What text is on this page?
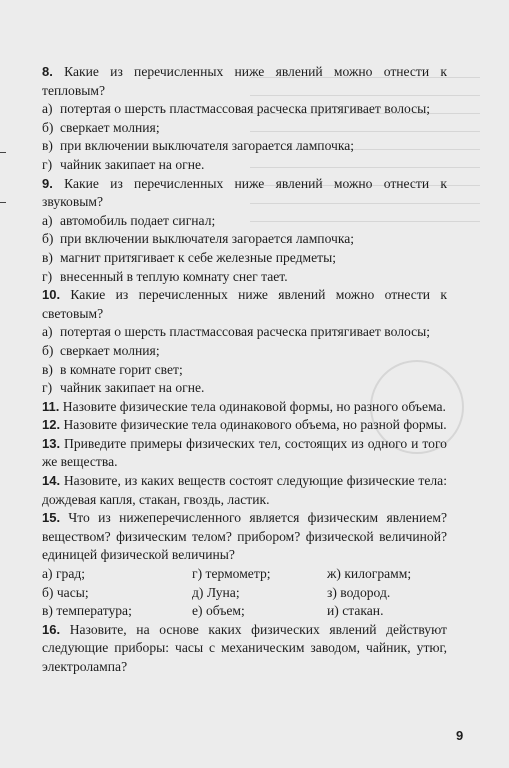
8. Какие из перечисленных ниже явлений можно отнести к тепловым?

а) потертая о шерсть пластмассовая расческа притягивает волосы;

б) сверкает молния;

в) при включении выключателя загорается лампочка;

г) чайник закипает на огне.

9. Какие из перечисленных ниже явлений можно отнести к звуковым?

а) автомобиль подает сигнал;

б) при включении выключателя загорается лампочка;

в) магнит притягивает к себе железные предметы;

г) внесенный в теплую комнату снег тает.

10. Какие из перечисленных ниже явлений можно отнести к световым?

а) потертая о шерсть пластмассовая расческа притягивает волосы;

б) сверкает молния;

в) в комнате горит свет;

г) чайник закипает на огне.

11. Назовите физические тела одинаковой формы, но разного объема.

12. Назовите физические тела одинакового объема, но разной формы.

13. Приведите примеры физических тел, состоящих из одного и того же вещества.

14. Назовите, из каких веществ состоят следующие физические тела: дождевая капля, стакан, гвоздь, ластик.

15. Что из нижеперечисленного является физическим явлением? веществом? физическим телом? прибором? физической величиной? единицей физической величины?

а) град;	г) термометр;	ж) килограмм;
б) часы;	д) Луна;	з) водород.
в) температура;	е) объем;	и) стакан.

16. Назовите, на основе каких физических явлений действуют следующие приборы: часы с механическим заводом, чайник, утюг, электролампа?

9
